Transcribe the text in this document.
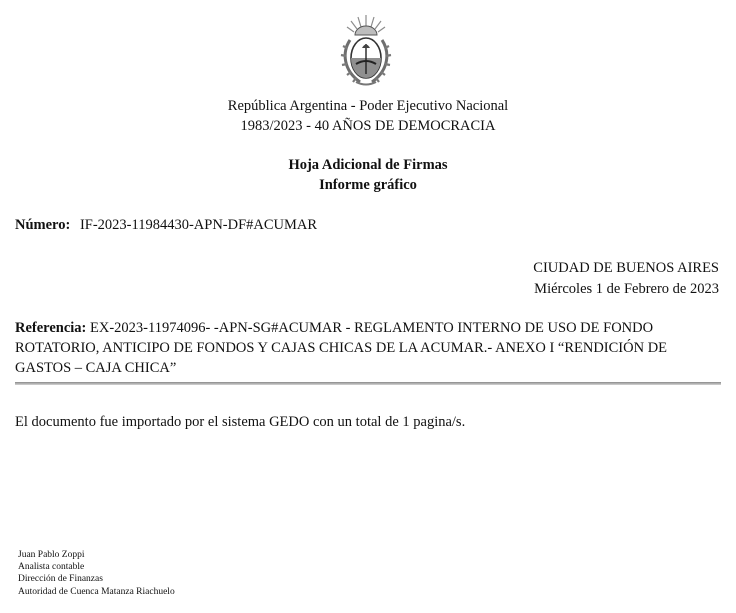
República Argentina - Poder Ejecutivo Nacional
1983/2023 - 40 AÑOS DE DEMOCRACIA
Hoja Adicional de Firmas
Informe gráfico
Número: IF-2023-11984430-APN-DF#ACUMAR
CIUDAD DE BUENOS AIRES
Miércoles 1 de Febrero de 2023
Referencia: EX-2023-11974096- -APN-SG#ACUMAR - REGLAMENTO INTERNO DE USO DE FONDO ROTATORIO, ANTICIPO DE FONDOS Y CAJAS CHICAS DE LA ACUMAR.- ANEXO I “RENDICIÓN DE GASTOS – CAJA CHICA”
El documento fue importado por el sistema GEDO con un total de 1 pagina/s.
Juan Pablo Zoppi
Analista contable
Dirección de Finanzas
Autoridad de Cuenca Matanza Riachuelo
